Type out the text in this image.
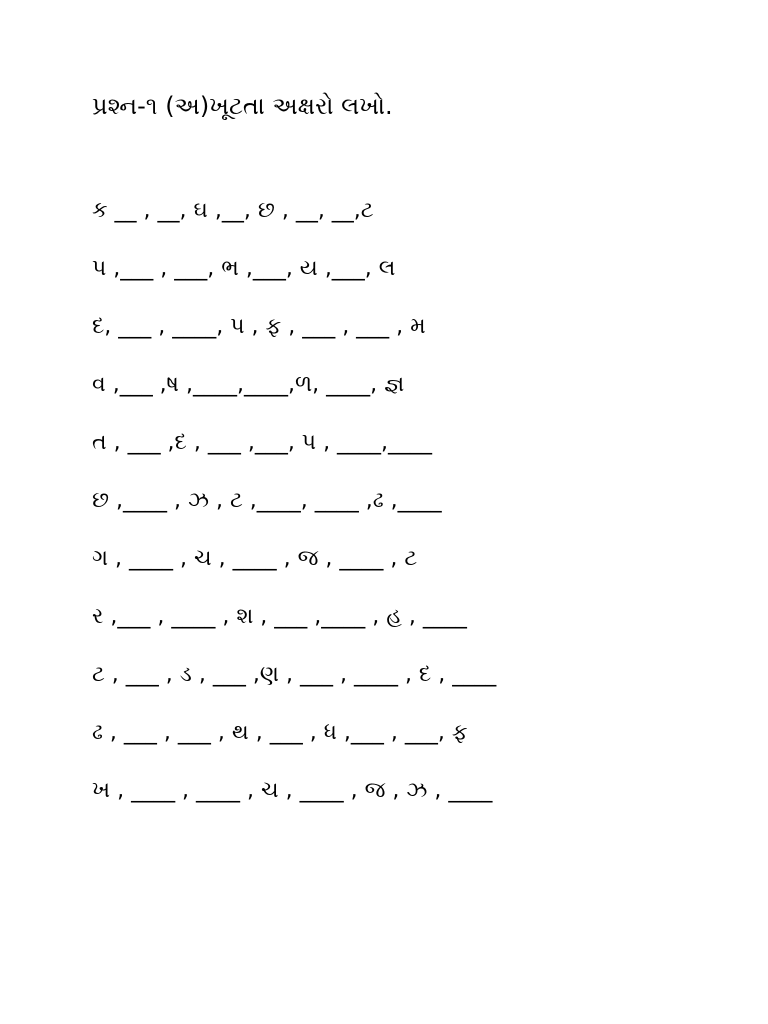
પ્રશ્ન-૧ (અ)ખૂટતા અક્ષરો લખો.
ક __ , __, ઘ ,__, છ , __, __,ટ
પ ,___ , ___, ભ ,___, ય ,___, લ
દ, ___ , ____, પ , ફ , ___ , ___ , મ
વ ,___ ,ષ ,____,____,ળ, ____, જ્ઞ
ત , ___ ,દ , ___ ,___, પ , ____,____
છ ,____ , ઝ , ટ ,____, ____ ,ઢ ,____
ગ , ____ , ચ , ____ , જ , ____ , ટ
ર ,___ , ____ , શ , ___ ,____ , હ , ____
ટ , ___ , ડ , ___ ,ણ , ___ , ____ , દ , ____
ઢ , ___ , ___ , થ , ___ , ધ ,___ , ___, ફ
ખ , ____ , ____ , ચ , ____ , જ , ઝ , ____
